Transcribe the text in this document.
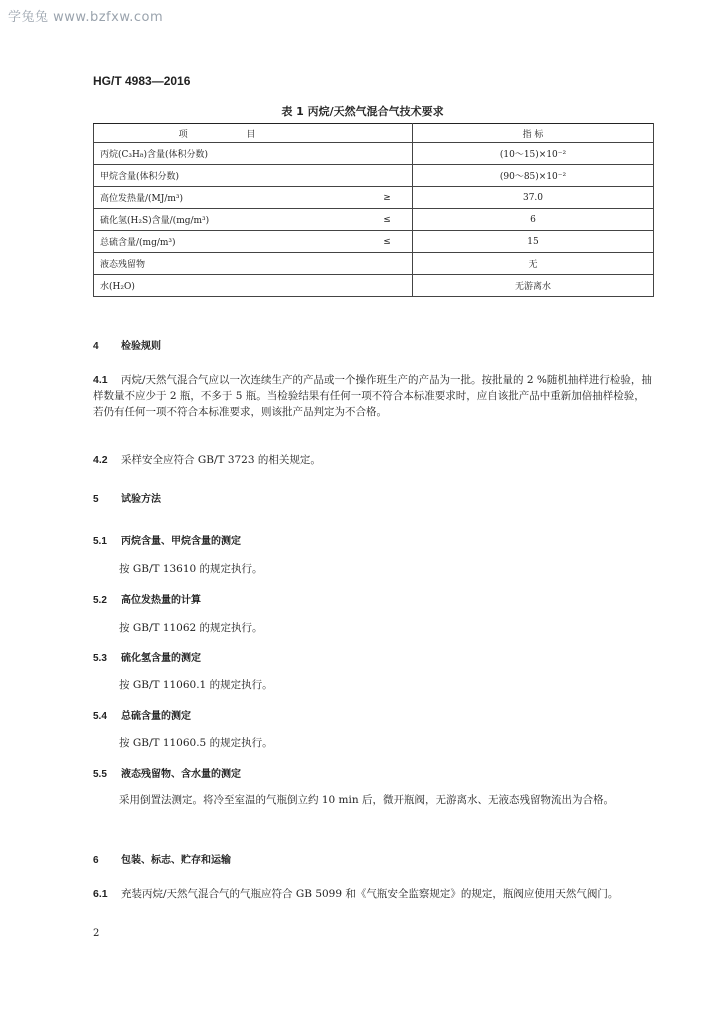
学兔兔 www.bzfxw.com
HG/T 4983—2016
表 1 丙烷/天然气混合气技术要求
项 目		指 标
丙烷(C₃H₈)含量(体积分数)		(10～15)×10⁻²
甲烷含量(体积分数)		(90～85)×10⁻²
高位发热量/(MJ/m³)	≥	37.0
硫化氢(H₂S)含量/(mg/m³)	≤	6
总硫含量/(mg/m³)	≤	15
液态残留物		无
水(H₂O)		无游离水
4 检验规则
4.1 丙烷/天然气混合气应以一次连续生产的产品或一个操作班生产的产品为一批。按批量的 2 %随机抽样进行检验，抽样数量不应少于 2 瓶，不多于 5 瓶。当检验结果有任何一项不符合本标准要求时，应自该批产品中重新加倍抽样检验，若仍有任何一项不符合本标准要求，则该批产品判定为不合格。
4.2 采样安全应符合 GB/T 3723 的相关规定。
5 试验方法
5.1 丙烷含量、甲烷含量的测定
按 GB/T 13610 的规定执行。
5.2 高位发热量的计算
按 GB/T 11062 的规定执行。
5.3 硫化氢含量的测定
按 GB/T 11060.1 的规定执行。
5.4 总硫含量的测定
按 GB/T 11060.5 的规定执行。
5.5 液态残留物、含水量的测定
采用倒置法测定。将冷至室温的气瓶倒立约 10 min 后，微开瓶阀，无游离水、无液态残留物流出为合格。
6 包装、标志、贮存和运输
6.1 充装丙烷/天然气混合气的气瓶应符合 GB 5099 和《气瓶安全监察规定》的规定，瓶阀应使用天然气阀门。
2
